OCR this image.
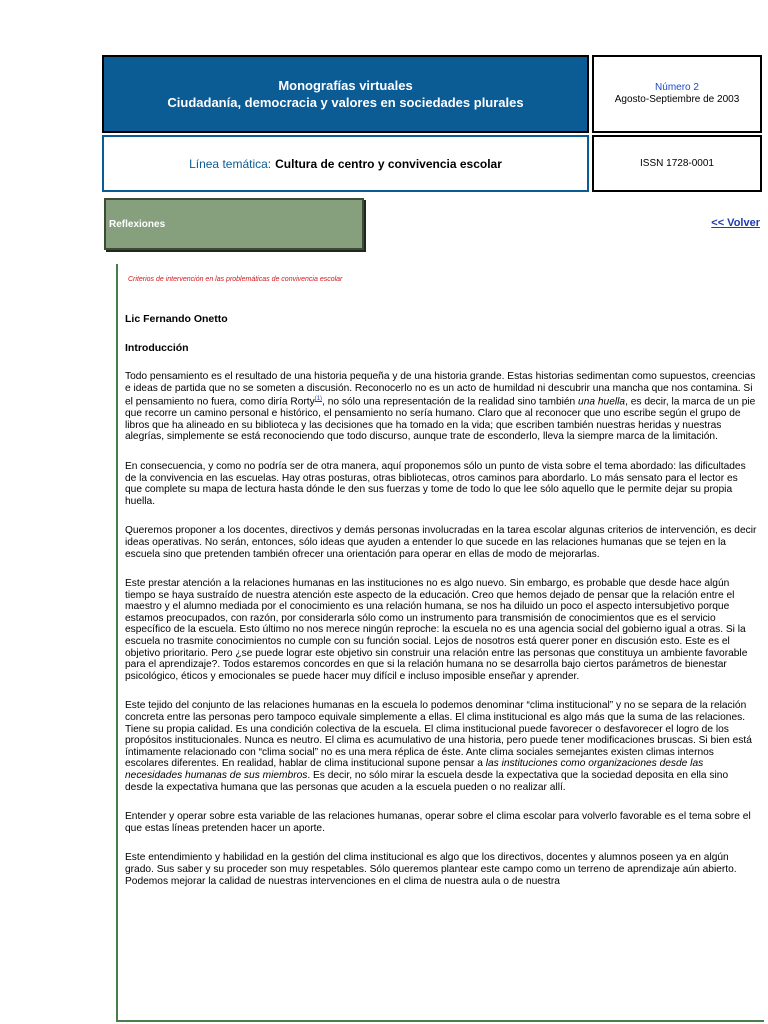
Monografías virtuales
Ciudadanía, democracia y valores en sociedades plurales
Número 2
Agosto-Septiembre de 2003
Línea temática: Cultura de centro y convivencia escolar	ISSN 1728-0001
Reflexiones	<< Volver
Criterios de intervención en las problemáticas de convivencia escolar
Lic Fernando Onetto
Introducción

Todo pensamiento es el resultado de una historia pequeña y de una historia grande. Estas historias sedimentan como supuestos, creencias e ideas de partida que no se someten a discusión. Reconocerlo no es un acto de humildad ni descubrir una mancha que nos contamina. Si el pensamiento no fuera, como diría Rorty$^{(1)}$, no sólo una representación de la realidad sino también una huella, es decir, la marca de un pie que recorre un camino personal e histórico, el pensamiento no sería humano. Claro que al reconocer que uno escribe según el grupo de libros que ha alineado en su biblioteca y las decisiones que ha tomado en la vida; que escriben también nuestras heridas y nuestras alegrías, simplemente se está reconociendo que todo discurso, aunque trate de esconderlo, lleva la siempre marca de la limitación.

En consecuencia, y como no podría ser de otra manera, aquí proponemos sólo un punto de vista sobre el tema abordado: las dificultades de la convivencia en las escuelas. Hay otras posturas, otras bibliotecas, otros caminos para abordarlo. Lo más sensato para el lector es que complete su mapa de lectura hasta dónde le den sus fuerzas y tome de todo lo que lee sólo aquello que le permite dejar su propia huella.

Queremos proponer a los docentes, directivos y demás personas involucradas en la tarea escolar algunas criterios de intervención, es decir ideas operativas. No serán, entonces, sólo ideas que ayuden a entender lo que sucede en las relaciones humanas que se tejen en la escuela sino que pretenden también ofrecer una orientación para operar en ellas de modo de mejorarlas.

Este prestar atención a la relaciones humanas en las instituciones no es algo nuevo. Sin embargo, es probable que desde hace algún tiempo se haya sustraído de nuestra atención este aspecto de la educación. Creo que hemos dejado de pensar que la relación entre el maestro y el alumno mediada por el conocimiento es una relación humana, se nos ha diluido un poco el aspecto intersubjetivo porque estamos preocupados, con razón, por considerarla sólo como un instrumento para transmisión de conocimientos que es el servicio específico de la escuela. Esto último no nos merece ningún reproche: la escuela no es una agencia social del gobierno igual a otras. Si la escuela no trasmite conocimientos no cumple con su función social. Lejos de nosotros está querer poner en discusión esto. Este es el objetivo prioritario. Pero ¿se puede lograr este objetivo sin construir una relación entre las personas que constituya un ambiente favorable para el aprendizaje?. Todos estaremos concordes en que si la relación humana no se desarrolla bajo ciertos parámetros de bienestar psicológico, éticos y emocionales se puede hacer muy difícil e incluso imposible enseñar y aprender.

Este tejido del conjunto de las relaciones humanas en la escuela lo podemos denominar “clima institucional” y no se separa de la relación concreta entre las personas pero tampoco equivale simplemente a ellas. El clima institucional es algo más que la suma de las relaciones. Tiene su propia calidad. Es una condición colectiva de la escuela. El clima institucional puede favorecer o desfavorecer el logro de los propósitos institucionales. Nunca es neutro. El clima es acumulativo de una historia, pero puede tener modificaciones bruscas. Si bien está íntimamente relacionado con “clima social” no es una mera réplica de éste. Ante clima sociales semejantes existen climas internos escolares diferentes. En realidad, hablar de clima institucional supone pensar a las instituciones como organizaciones desde las necesidades humanas de sus miembros. Es decir, no sólo mirar la escuela desde la expectativa que la sociedad deposita en ella sino desde la expectativa humana que las personas que acuden a la escuela pueden o no realizar allí.

Entender y operar sobre esta variable de las relaciones humanas, operar sobre el clima escolar para volverlo favorable es el tema sobre el que estas líneas pretenden hacer un aporte.

Este entendimiento y habilidad en la gestión del clima institucional es algo que los directivos, docentes y alumnos poseen ya en algún grado. Sus saber y su proceder son muy respetables. Sólo queremos plantear este campo como un terreno de aprendizaje aún abierto. Podemos mejorar la calidad de nuestras intervenciones en el clima de nuestra aula o de nuestra
